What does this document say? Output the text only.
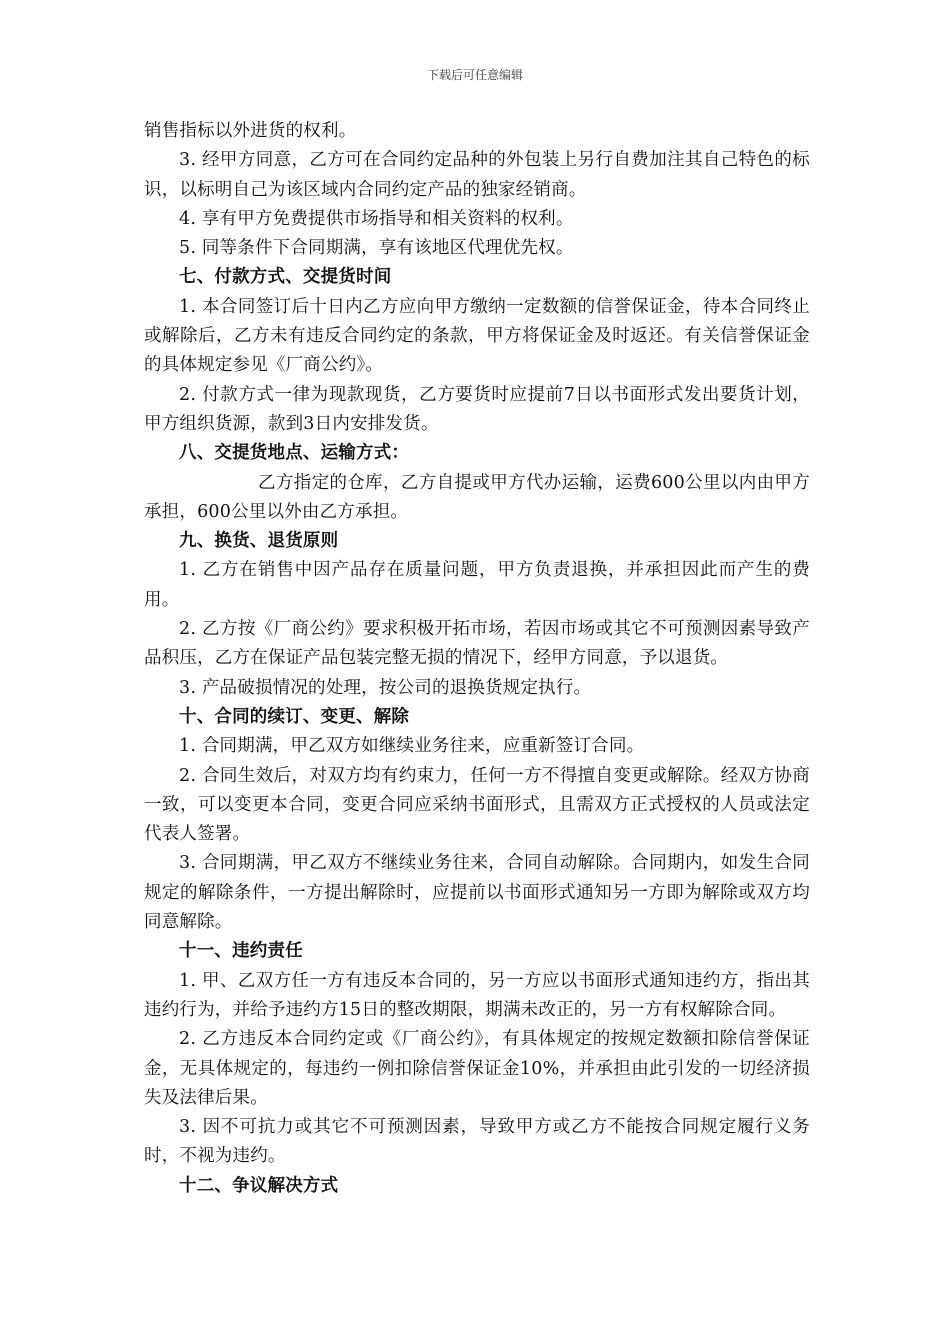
下载后可任意编辑

销售指标以外进货的权利。

3. 经甲方同意，乙方可在合同约定品种的外包装上另行自费加注其自己特色的标识，以标明自己为该区域内合同约定产品的独家经销商。

4. 享有甲方免费提供市场指导和相关资料的权利。

5. 同等条件下合同期满，享有该地区代理优先权。

七、付款方式、交提货时间

1. 本合同签订后十日内乙方应向甲方缴纳一定数额的信誉保证金，待本合同终止或解除后，乙方未有违反合同约定的条款，甲方将保证金及时返还。有关信誉保证金的具体规定参见《厂商公约》。

2. 付款方式一律为现款现货，乙方要货时应提前7日以书面形式发出要货计划，甲方组织货源，款到3日内安排发货。

八、交提货地点、运输方式：

乙方指定的仓库，乙方自提或甲方代办运输，运费600公里以内由甲方承担，600公里以外由乙方承担。

九、换货、退货原则

1. 乙方在销售中因产品存在质量问题，甲方负责退换，并承担因此而产生的费用。

2. 乙方按《厂商公约》要求积极开拓市场，若因市场或其它不可预测因素导致产品积压，乙方在保证产品包装完整无损的情况下，经甲方同意，予以退货。

3. 产品破损情况的处理，按公司的退换货规定执行。

十、合同的续订、变更、解除

1. 合同期满，甲乙双方如继续业务往来，应重新签订合同。

2. 合同生效后，对双方均有约束力，任何一方不得擅自变更或解除。经双方协商一致，可以变更本合同，变更合同应采纳书面形式，且需双方正式授权的人员或法定代表人签署。

3. 合同期满，甲乙双方不继续业务往来，合同自动解除。合同期内，如发生合同规定的解除条件，一方提出解除时，应提前以书面形式通知另一方即为解除或双方均同意解除。

十一、违约责任

1. 甲、乙双方任一方有违反本合同的，另一方应以书面形式通知违约方，指出其违约行为，并给予违约方15日的整改期限，期满未改正的，另一方有权解除合同。

2. 乙方违反本合同约定或《厂商公约》，有具体规定的按规定数额扣除信誉保证金，无具体规定的，每违约一例扣除信誉保证金10%，并承担由此引发的一切经济损失及法律后果。

3. 因不可抗力或其它不可预测因素，导致甲方或乙方不能按合同规定履行义务时，不视为违约。

十二、争议解决方式
